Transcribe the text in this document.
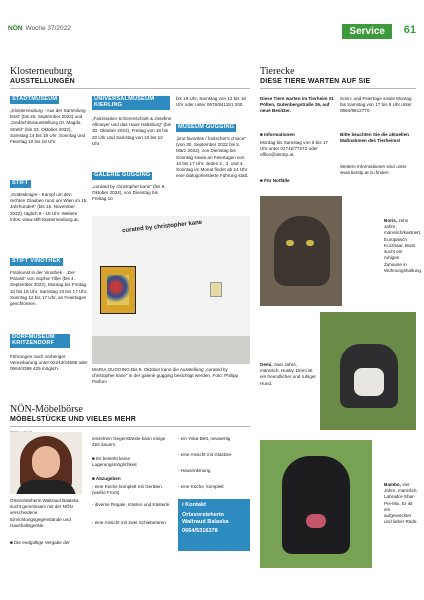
NÖN Woche 37/2022	Service	61
Klosterneuburg
AUSSTELLUNGEN
STADTMUSEUM
„Klosterneuburg - Aus der Sammlung Essl“ (bis 25. September 2022) und „Gedächtnisausstellung Dr. Magda Strebl“ (bis 23. Oktober 2022), Samstag 14 bis 18 Uhr, Sonntag und Feiertag 10 bis 18 Uhr.
STIFT
„Gottesknigre - Kampf um den rechten Glauben rund um Wien im 15. Jahrhundert“ (bis 15. November 2022), täglich 9 - 18 Uhr. Weitere Infos: www.stift-klosterneuburg.at.
STIFT VINOTHEK
Fotokunst in der Vinothek - „Der Parasit“ von Sophie Tiller (bis 4. September 2022), Montag bis Freitag 10 bis 18 Uhr, Samstag 10 bis 17 Uhr, Sonntag 12 bis 17 Uhr, an Feiertagen geschlossen.
DORFMUSEUM KRITZENDORF
Führungen nach vorheriger Vereinbarung unter 02243/24689 oder 0664/4389 425 möglich.
UNIVERSALMUSEUM KIERLING
„Faszination Scherenschnitt & Josefine Allmayer und das Haus Habsburg“ (bis 30. Oktober 2022), Freitag von 18 bis 20 Uhr und Samstag von 10 bis 12 Uhr.
GALERIE GUGGING
„curated by christopher kane“ (bis 9. Oktober 2022), von Dienstag bis Freitag 10
bis 18 Uhr, Samstag von 12 bis 18 Uhr oder unter 0676/841181 200.
MUSEUM GUGGING
„brut favorites / foolscher's choice“ (von 30. September 2022 bis 5. März 2023), von Dienstag bis Sonntag sowie an Feiertagen von 10 bis 17 Uhr. Jeden 2., 3. und 4. Sonntag im Monat findet ab 14 Uhr eine dialogorientierte Führung statt.
curated by christopher kane
MARIA GUGGING Bis 9. Oktober kann die Ausstellung „curated by christopher kane“ in der galerie gugging besichtigt werden. Foto: Philipp Parfum
Tierecke
DIESE TIERE WARTEN AUF SIE
Diese Tiere warten im Tierheim St. Pölten, Gutenbergstraße 26, auf neue Besitzer.
■ Informationen
Montag bis Samstag von 8 bis 17 Uhr unter 02742/77272 oder office@tierstp.at.
■ Für Notfälle
Sonn- und Feiertage sowie Montag bis Samstag von 17 bis 8 Uhr unter 0664/9812770.
Bitte beachten Sie die aktuellen Maßnahmen des Tierheims!
Weitere Informationen sind unter www.tierstp.at zu finden.
Boris, zehn Jahre, männlich/kastriert, Europäisch Kurzhaar. Boris sucht ein ruhiges Zuhause in Wohnungshaltung.
Demi, zwei Jahre, männlich, Husky. Demi ist ein freundlicher und ruhiger Hund.
Bambo, vier Jahre, männlich, Labrador-Shar-Pei-Mix. Er ist ein aufgeweckter und lieber Rüde.
NÖN-Möbelbörse
MÖBELSTÜCKE UND VIELES MEHR
Ortsvorsteherin Waltraud Balaska sucht gemeinsam mit der NÖN verschiedene Einrichtungsgegenstände und Haushaltsgeräte.
■ Die endgültige Vergabe der
einzelnen Gegenstände kann einige Zeit dauern.
■ Es besteht keine Lagerungsmöglichkeit
■ Abzugeben
- eine Küche komplett mit Geräten (weiße Front)
- diverse Regale, Kästen und Kästerle
- eine Ansicht mit zwei Schiebetüren
- ein Yoka-Bett, neuwertig
- eine Ansicht mit Glastüre
- Hausrinkmung
- eine Küche, komplett
i Kontakt
Ortsvorsteherin Waltraud Balaska
0664/5316378
